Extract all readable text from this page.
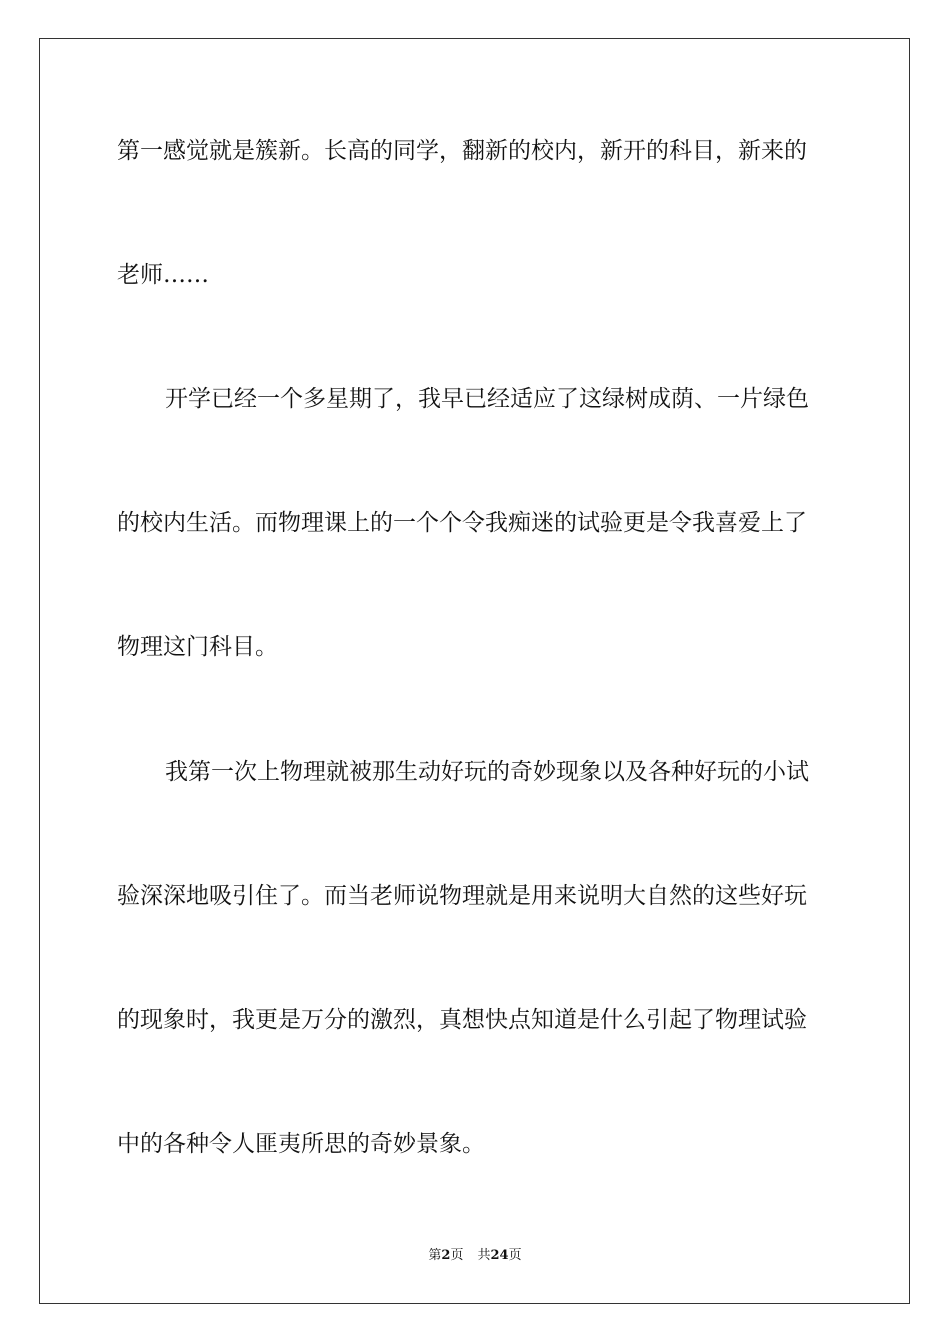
第一感觉就是簇新。长高的同学，翻新的校内，新开的科目，新来的

老师……

开学已经一个多星期了，我早已经适应了这绿树成荫、一片绿色

的校内生活。而物理课上的一个个令我痴迷的试验更是令我喜爱上了

物理这门科目。

我第一次上物理就被那生动好玩的奇妙现象以及各种好玩的小试

验深深地吸引住了。而当老师说物理就是用来说明大自然的这些好玩

的现象时，我更是万分的激烈，真想快点知道是什么引起了物理试验

中的各种令人匪夷所思的奇妙景象。

第2页 共24页
